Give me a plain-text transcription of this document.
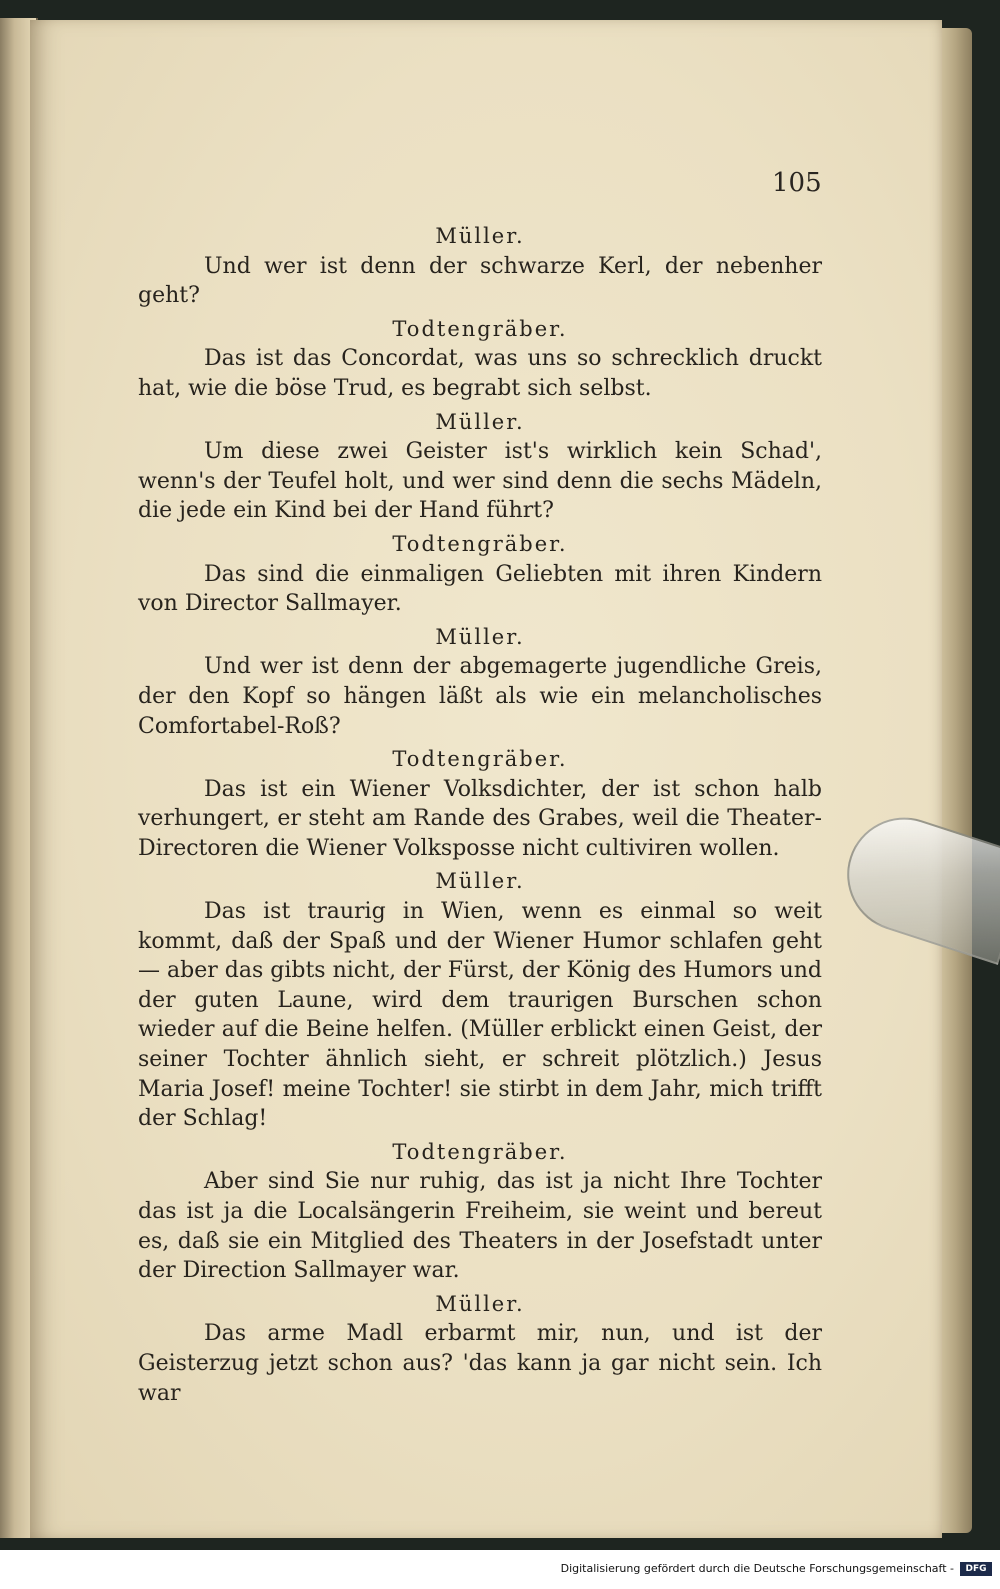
105

Müller.

Und wer ist denn der schwarze Kerl, der nebenher geht?

Todtengräber.

Das ist das Concordat, was uns so schrecklich druckt hat, wie die böse Trud, es begrabt sich selbst.

Müller.

Um diese zwei Geister ist's wirklich kein Schad', wenn's der Teufel holt, und wer sind denn die sechs Mädeln, die jede ein Kind bei der Hand führt?

Todtengräber.

Das sind die einmaligen Geliebten mit ihren Kindern von Director Sallmayer.

Müller.

Und wer ist denn der abgemagerte jugendliche Greis, der den Kopf so hängen läßt als wie ein melancholisches Comfortabel-Roß?

Todtengräber.

Das ist ein Wiener Volksdichter, der ist schon halb verhungert, er steht am Rande des Grabes, weil die Theater-Directoren die Wiener Volksposse nicht cultiviren wollen.

Müller.

Das ist traurig in Wien, wenn es einmal so weit kommt, daß der Spaß und der Wiener Humor schlafen geht — aber das gibts nicht, der Fürst, der König des Humors und der guten Laune, wird dem traurigen Burschen schon wieder auf die Beine helfen. (Müller erblickt einen Geist, der seiner Tochter ähnlich sieht, er schreit plötzlich.) Jesus Maria Josef! meine Tochter! sie stirbt in dem Jahr, mich trifft der Schlag!

Todtengräber.

Aber sind Sie nur ruhig, das ist ja nicht Ihre Tochter das ist ja die Localsängerin Freiheim, sie weint und bereut es, daß sie ein Mitglied des Theaters in der Josefstadt unter der Direction Sallmayer war.

Müller.

Das arme Madl erbarmt mir, nun, und ist der Geisterzug jetzt schon aus? 'das kann ja gar nicht sein. Ich war

Digitalisierung gefördert durch die Deutsche Forschungsgemeinschaft -	DFG
